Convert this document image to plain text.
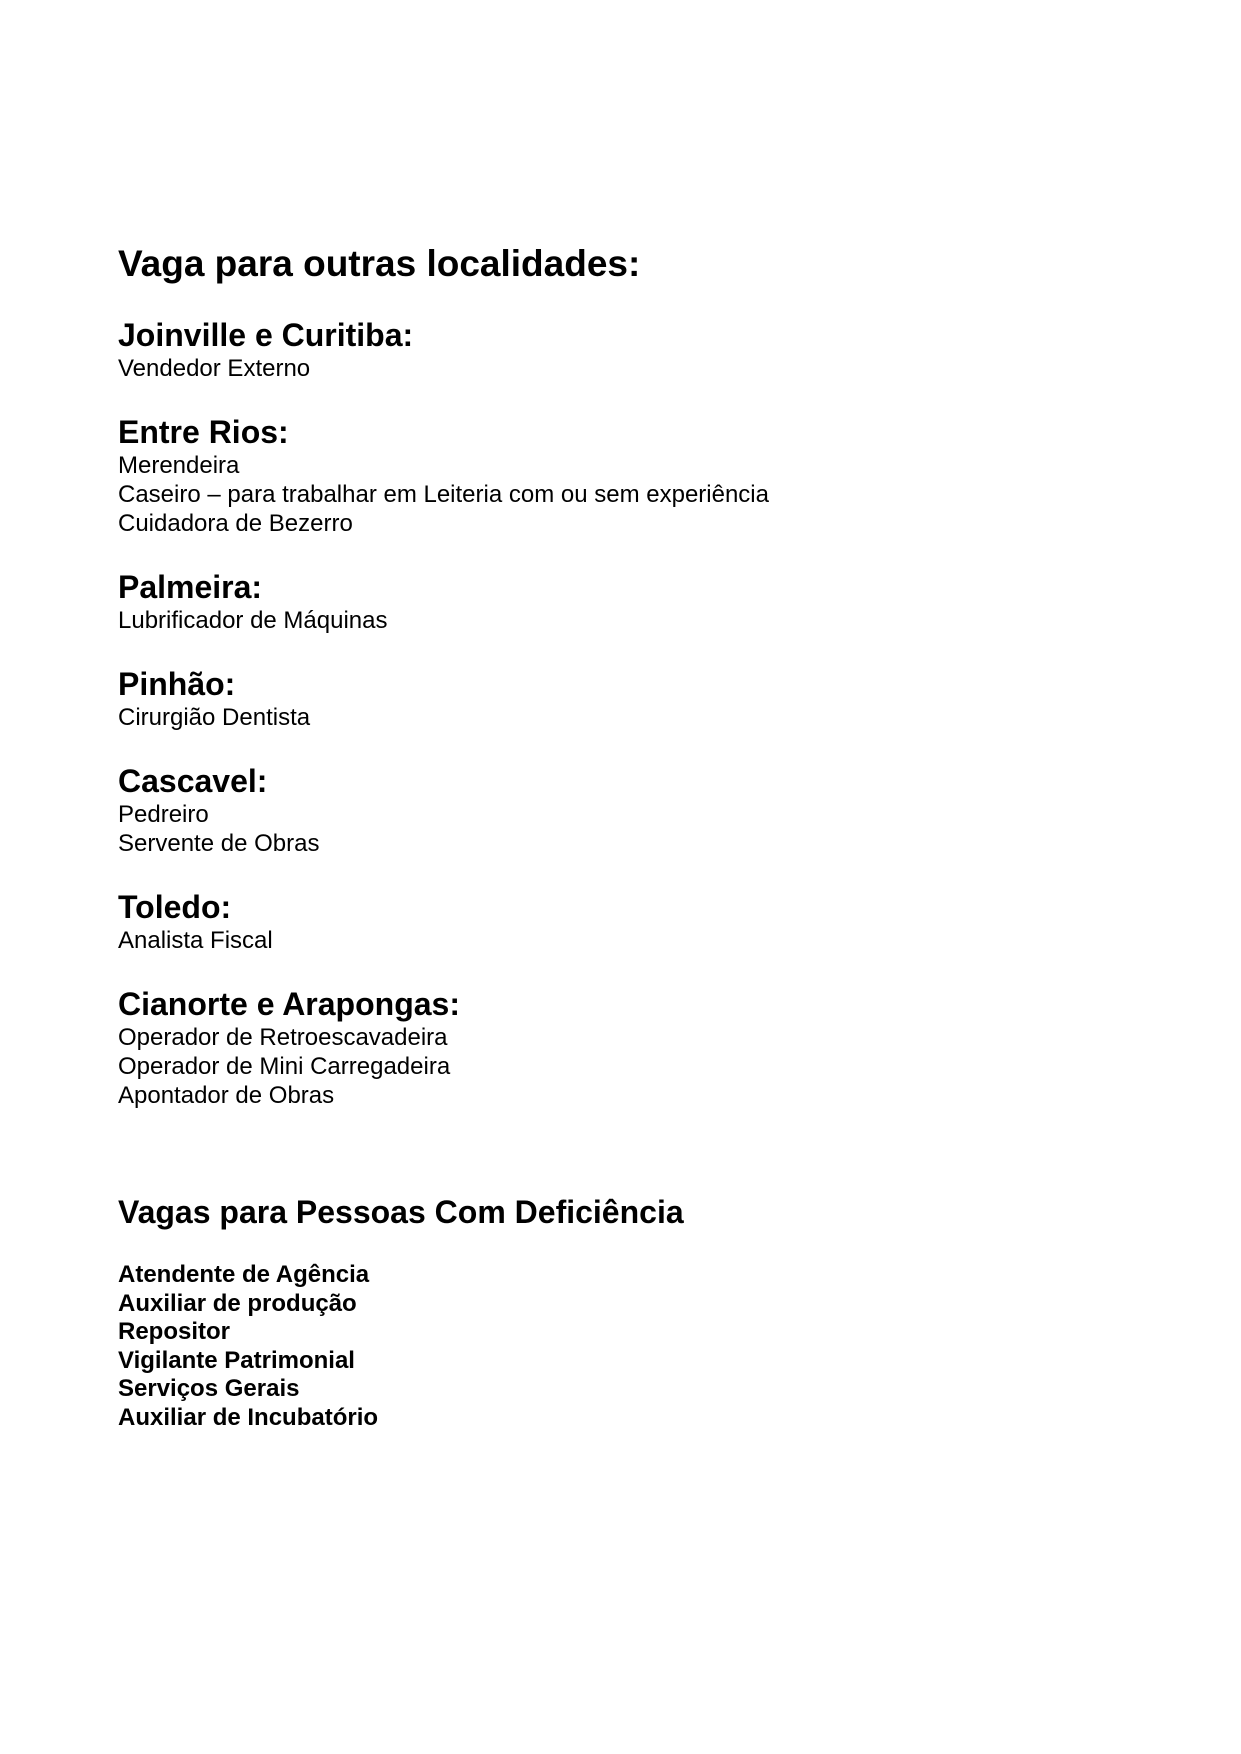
Vaga para outras localidades:
Joinville e Curitiba:
Vendedor Externo
Entre Rios:
Merendeira
Caseiro – para trabalhar em Leiteria com ou sem experiência
Cuidadora de Bezerro
Palmeira:
Lubrificador de Máquinas
Pinhão:
Cirurgião Dentista
Cascavel:
Pedreiro
Servente de Obras
Toledo:
Analista Fiscal
Cianorte e Arapongas:
Operador de Retroescavadeira
Operador de Mini Carregadeira
Apontador de Obras
Vagas para Pessoas Com Deficiência
Atendente de Agência
Auxiliar de produção
Repositor
Vigilante Patrimonial
Serviços Gerais
Auxiliar de Incubatório
